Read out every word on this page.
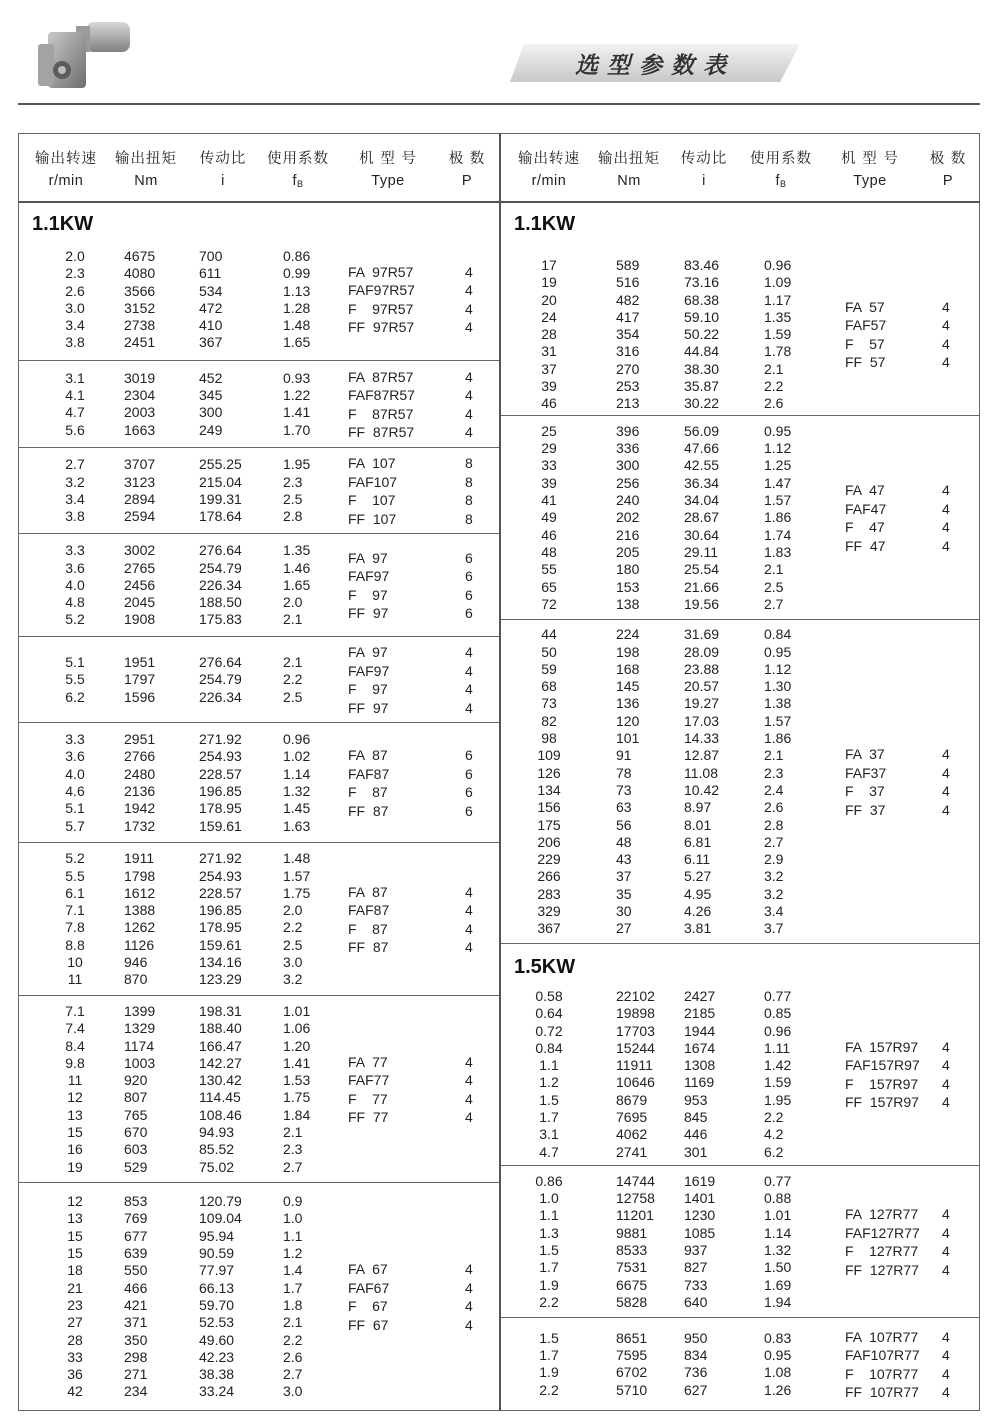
选型参数表
输出转速	输出扭矩	传动比	使用系数	机 型 号	极 数
r/min	Nm	i	fB	Type	P
1.1KW
2.0	4675	700	0.86
2.3	4080	611	0.99
2.6	3566	534	1.13
3.0	3152	472	1.28
3.4	2738	410	1.48
3.8	2451	367	1.65
FA  97R57	4
FAF97R57	4
F    97R57	4
FF  97R57	4
3.1	3019	452	0.93
4.1	2304	345	1.22
4.7	2003	300	1.41
5.6	1663	249	1.70
FA  87R57	4
FAF87R57	4
F    87R57	4
FF  87R57	4
2.7	3707	255.25	1.95
3.2	3123	215.04	2.3
3.4	2894	199.31	2.5
3.8	2594	178.64	2.8
FA  107	8
FAF107	8
F    107	8
FF  107	8
3.3	3002	276.64	1.35
3.6	2765	254.79	1.46
4.0	2456	226.34	1.65
4.8	2045	188.50	2.0
5.2	1908	175.83	2.1
FA  97	6
FAF97	6
F    97	6
FF  97	6
5.1	1951	276.64	2.1
5.5	1797	254.79	2.2
6.2	1596	226.34	2.5
FA  97	4
FAF97	4
F    97	4
FF  97	4
3.3	2951	271.92	0.96
3.6	2766	254.93	1.02
4.0	2480	228.57	1.14
4.6	2136	196.85	1.32
5.1	1942	178.95	1.45
5.7	1732	159.61	1.63
FA  87	6
FAF87	6
F    87	6
FF  87	6
5.2	1911	271.92	1.48
5.5	1798	254.93	1.57
6.1	1612	228.57	1.75
7.1	1388	196.85	2.0
7.8	1262	178.95	2.2
8.8	1126	159.61	2.5
10	946	134.16	3.0
11	870	123.29	3.2
FA  87	4
FAF87	4
F    87	4
FF  87	4
7.1	1399	198.31	1.01
7.4	1329	188.40	1.06
8.4	1174	166.47	1.20
9.8	1003	142.27	1.41
11	920	130.42	1.53
12	807	114.45	1.75
13	765	108.46	1.84
15	670	94.93	2.1
16	603	85.52	2.3
19	529	75.02	2.7
FA  77	4
FAF77	4
F    77	4
FF  77	4
12	853	120.79	0.9
13	769	109.04	1.0
15	677	95.94	1.1
15	639	90.59	1.2
18	550	77.97	1.4
21	466	66.13	1.7
23	421	59.70	1.8
27	371	52.53	2.1
28	350	49.60	2.2
33	298	42.23	2.6
36	271	38.38	2.7
42	234	33.24	3.0
FA  67	4
FAF67	4
F    67	4
FF  67	4
输出转速	输出扭矩	传动比	使用系数	机 型 号	极 数
r/min	Nm	i	fB	Type	P
1.1KW
17	589	83.46	0.96
19	516	73.16	1.09
20	482	68.38	1.17
24	417	59.10	1.35
28	354	50.22	1.59
31	316	44.84	1.78
37	270	38.30	2.1
39	253	35.87	2.2
46	213	30.22	2.6
FA  57	4
FAF57	4
F    57	4
FF  57	4
25	396	56.09	0.95
29	336	47.66	1.12
33	300	42.55	1.25
39	256	36.34	1.47
41	240	34.04	1.57
49	202	28.67	1.86
46	216	30.64	1.74
48	205	29.11	1.83
55	180	25.54	2.1
65	153	21.66	2.5
72	138	19.56	2.7
FA  47	4
FAF47	4
F    47	4
FF  47	4
44	224	31.69	0.84
50	198	28.09	0.95
59	168	23.88	1.12
68	145	20.57	1.30
73	136	19.27	1.38
82	120	17.03	1.57
98	101	14.33	1.86
109	91	12.87	2.1
126	78	11.08	2.3
134	73	10.42	2.4
156	63	8.97	2.6
175	56	8.01	2.8
206	48	6.81	2.7
229	43	6.11	2.9
266	37	5.27	3.2
283	35	4.95	3.2
329	30	4.26	3.4
367	27	3.81	3.7
FA  37	4
FAF37	4
F    37	4
FF  37	4
1.5KW
0.58	22102 2427	0.77
0.64	19898 2185	0.85
0.72	17703 1944	0.96
0.84	15244 1674	1.11
1.1	11911	1308	1.42
1.2	10646 1169	1.59
1.5	8679	953	1.95
1.7	7695	845	2.2
3.1	4062	446	4.2
4.7	2741	301	6.2
FA  157R97 4
FAF157R97 4
F    157R97 4
FF  157R97 4
0.86	14744 1619	0.77
1.0	12758 1401	0.88
1.1	11201 1230	1.01
1.3	9881	1085	1.14
1.5	8533	937	1.32
1.7	7531	827	1.50
1.9	6675	733	1.69
2.2	5828	640	1.94
FA  127R77 4
FAF127R77 4
F    127R77 4
FF  127R77 4
1.5	8651	950	0.83
1.7	7595	834	0.95
1.9	6702	736	1.08
2.2	5710	627	1.26
FA  107R77 4
FAF107R77 4
F    107R77 4
FF  107R77 4
